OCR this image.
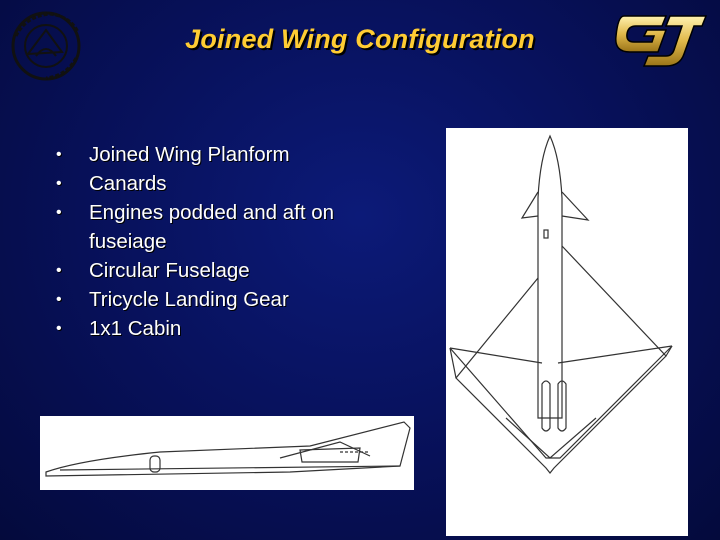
Joined Wing Configuration
• Joined Wing Planform
• Canards
• Engines podded and aft on fuseiage
• Circular Fuselage
• Tricycle Landing Gear
• 1x1 Cabin
